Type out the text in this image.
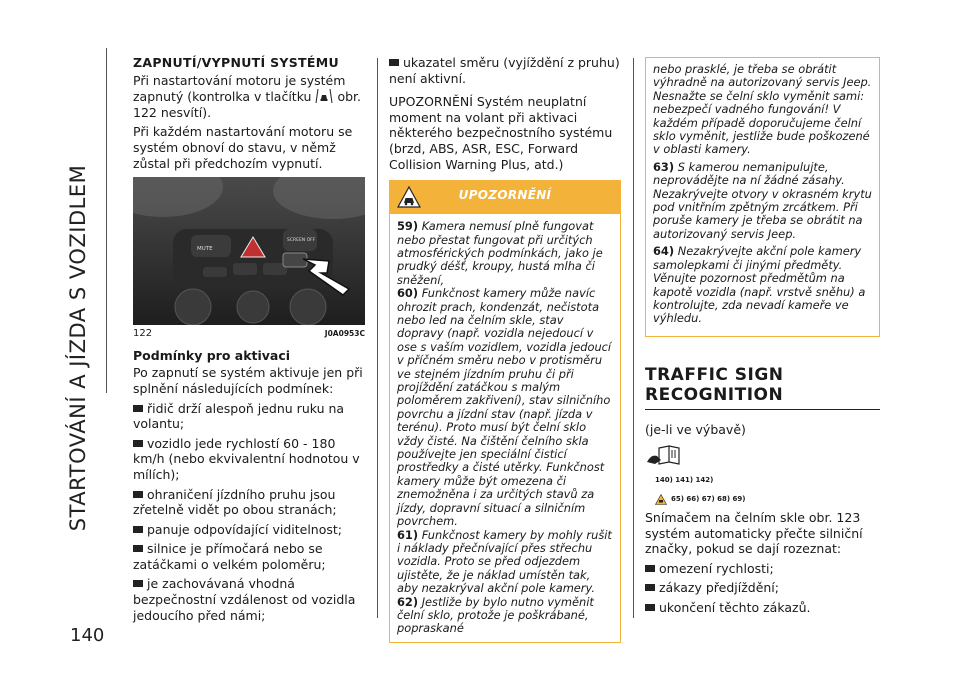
STARTOVÁNÍ A JÍZDA S VOZIDLEM
140
ZAPNUTÍ/VYPNUTÍ SYSTÉMU

Při nastartování motoru je systém zapnutý (kontrolka v tlačítku obr. 122 nesvítí).

Při každém nastartování motoru se systém obnoví do stavu, v němž zůstal při předchozím vypnutí.

MUTE
SCREEN OFF
122	J0A0953C
Podmínky pro aktivaci

Po zapnutí se systém aktivuje jen při splnění následujících podmínek:

řidič drží alespoň jednu ruku na volantu;

vozidlo jede rychlostí 60 - 180 km/h (nebo ekvivalentní hodnotou v mílích);

ohraničení jízdního pruhu jsou zřetelně vidět po obou stranách;

panuje odpovídající viditelnost;

silnice je přímočará nebo se zatáčkami o velkém poloměru;

je zachovávaná vhodná bezpečnostní vzdálenost od vozidla jedoucího před námi;

ukazatel směru (vyjíždění z pruhu) není aktivní.

UPOZORNĚNÍ Systém neuplatní moment na volant při aktivaci některého bezpečnostního systému (brzd, ABS, ASR, ESC, Forward Collision Warning Plus, atd.)

UPOZORNĚNÍ

59) Kamera nemusí plně fungovat nebo přestat fungovat při určitých atmosférických podmínkách, jako je prudký déšť, kroupy, hustá mlha či sněžení,

60) Funkčnost kamery může navíc ohrozit prach, kondenzát, nečistota nebo led na čelním skle, stav dopravy (např. vozidla nejedoucí v ose s vaším vozidlem, vozidla jedoucí v příčném směru nebo v protisměru ve stejném jízdním pruhu či při projíždění zatáčkou s malým poloměrem zakřivení), stav silničního povrchu a jízdní stav (např. jízda v terénu). Proto musí být čelní sklo vždy čisté. Na čištění čelního skla používejte jen speciální čisticí prostředky a čisté utěrky. Funkčnost kamery může být omezena či znemožněna i za určitých stavů za jízdy, dopravní situací a silničním povrchem.

61) Funkčnost kamery by mohly rušit i náklady přečnívající přes střechu vozidla. Proto se před odjezdem ujistěte, že je náklad umístěn tak, aby nezakrýval akční pole kamery.

62) Jestliže by bylo nutno vyměnit čelní sklo, protože je poškrábané, popraskané

nebo prasklé, je třeba se obrátit výhradně na autorizovaný servis Jeep. Nesnažte se čelní sklo vyměnit sami: nebezpečí vadného fungování! V každém případě doporučujeme čelní sklo vyměnit, jestliže bude poškozené v oblasti kamery.

63) S kamerou nemanipulujte, neprovádějte na ní žádné zásahy. Nezakrývejte otvory v okrasném krytu pod vnitřním zpětným zrcátkem. Při poruše kamery je třeba se obrátit na autorizovaný servis Jeep.

64) Nezakrývejte akční pole kamery samolepkami či jinými předměty. Věnujte pozornost předmětům na kapotě vozidla (např. vrstvě sněhu) a kontrolujte, zda nevadí kameře ve výhledu.

TRAFFIC SIGN RECOGNITION

(je-li ve výbavě)

140) 141) 142)
65) 66) 67) 68) 69)

Snímačem na čelním skle obr. 123 systém automaticky přečte silniční značky, pokud se dají rozeznat:

omezení rychlosti;

zákazy předjíždění;

ukončení těchto zákazů.
